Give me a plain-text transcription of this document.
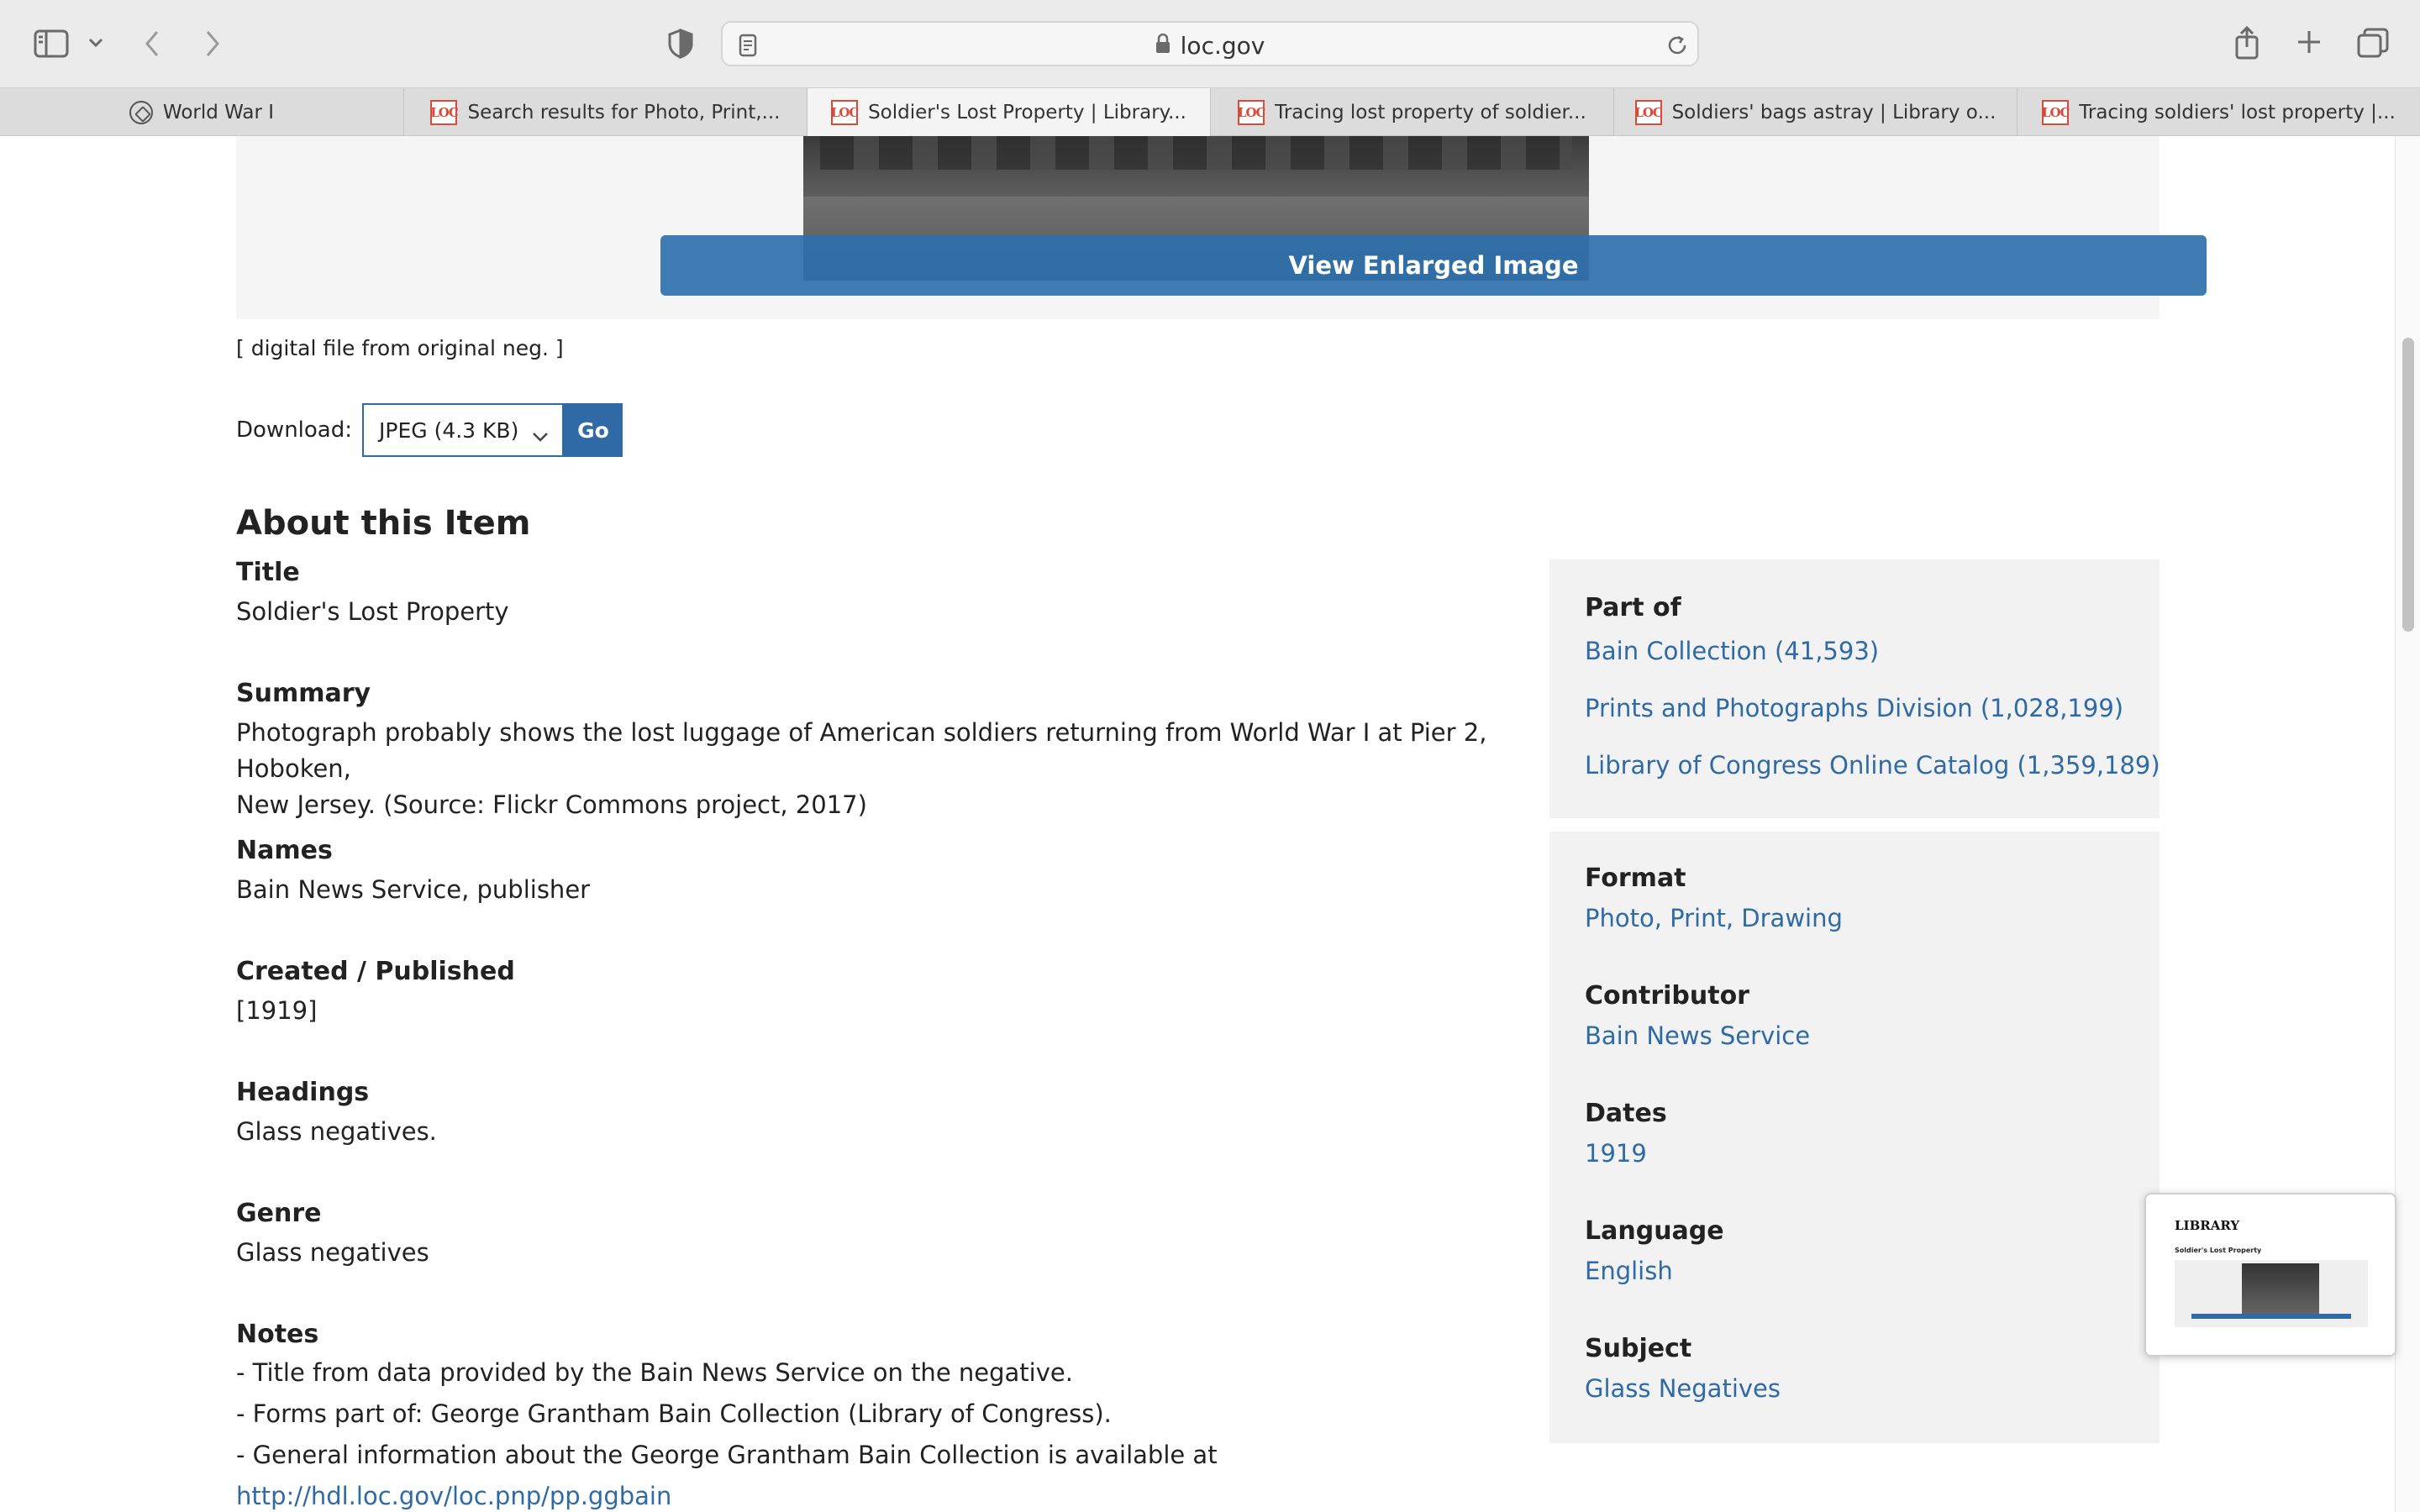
loc.gov
World War I	LOC Search results for Photo, Print,...	LOC Soldier's Lost Property | Library...	LOC Tracing lost property of soldier...	LOC Soldiers' bags astray | Library o...	LOC Tracing soldiers' lost property |...
View Enlarged Image
[ digital file from original neg. ]
Download: JPEG (4.3 KB)	Go
About this Item
Title
Soldier's Lost Property
Summary
Photograph probably shows the lost luggage of American soldiers returning from World War I at Pier 2, Hoboken,
New Jersey. (Source: Flickr Commons project, 2017)
Names
Bain News Service, publisher
Created / Published
[1919]
Headings
Glass negatives.
Genre
Glass negatives
Notes
- Title from data provided by the Bain News Service on the negative.
- Forms part of: George Grantham Bain Collection (Library of Congress).
- General information about the George Grantham Bain Collection is available at
http://hdl.loc.gov/loc.pnp/pp.ggbain
Part of
Bain Collection (41,593)
Prints and Photographs Division (1,028,199)
Library of Congress Online Catalog (1,359,189)
Format
Photo, Print, Drawing
Contributor
Bain News Service
Dates
1919
Language
English
Subject
Glass Negatives
LIBRARY
Soldier's Lost Property
